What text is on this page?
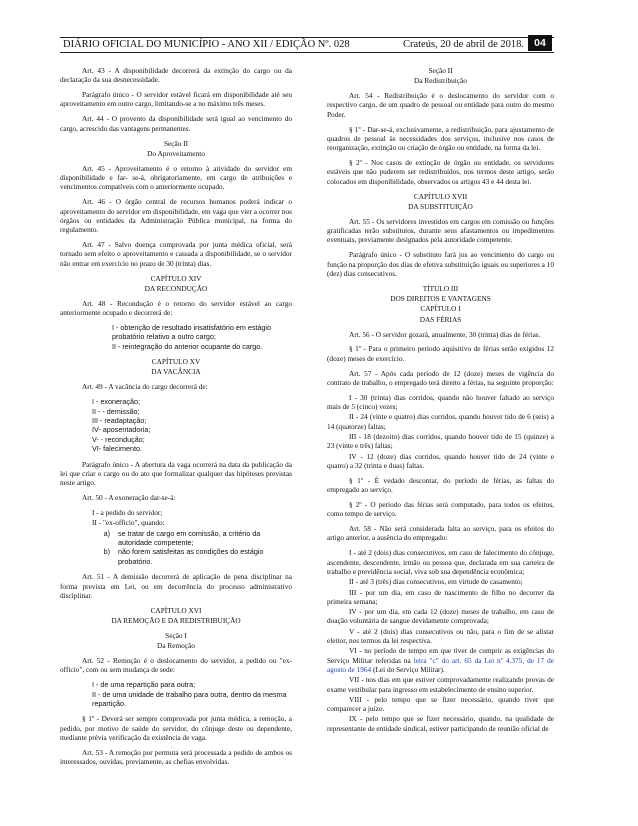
DIÁRIO OFICIAL DO MUNICÍPIO - ANO XII / EDIÇÃO Nº. 028	Crateús, 20 de abril de 2018. 04

Art. 43 - A disponibilidade decorrerá da extinção do cargo ou da declaração da sua desnecessidade.

Parágrafo único - O servidor estável ficará em disponibilidade até seu aproveitamento em outro cargo, limitando-se a no máximo três meses.

Art. 44 - O provento da disponibilidade será igual ao vencimento do cargo, acrescido das vantagens permanentes.

Seção II

Do Aproveitamento

Art. 45 - Aproveitamento é o retorno à atividade do servidor em disponibilidade e far- se-á, obrigatoriamente, em cargo de atribuições e vencimentos compatíveis com o anteriormente ocupado.

Art. 46 - O órgão central de recursos humanos poderá indicar o aproveitamento do servidor em disponibilidade, em vaga que vier a ocorrer nos órgãos ou entidades da Administração Pública municipal, na forma do regulamento.

Art. 47 - Salvo doença comprovada por junta médica oficial, será tornado sem efeito o aproveitamento e cassada a disponibilidade, se o servidor não entrar em exercício no prazo de 30 (trinta) dias.

CAPÍTULO XIV

DA RECONDUÇÃO

Art. 48 - Recondução é o retorno do servidor estável ao cargo anteriormente ocupado e decorrerá de:

I - obtenção de resultado insatisfatório em estágio probatório relativo a outro cargo;
II - reintegração do anterior ocupante do cargo.

CAPÍTULO XV

DA VACÂNCIA

Art. 49 - A vacância do cargo decorrerá de:

I - exoneração;
II - - demissão;
III - readaptação;
IV- aposentadoria;
V- - recondução;
VI- falecimento.

Parágrafo único - A abertura da vaga ocorrerá na data da publicação da lei que criar o cargo ou do ato que formalizar qualquer das hipóteses previstas neste artigo.

Art. 50 - A exoneração dar-se-á:

I - a pedido do servidor;
II - "ex-officio", quando:
a)	se tratar de cargo em comissão, a critério da autoridade competente;
b)	não forem satisfeitas as condições do estágio probatório.

Art. 51 - A demissão decorrerá de aplicação de pena disciplinar na forma prevista em Lei, ou em decorrência do processo administrativo disciplinar.

CAPÍTULO XVI

DA REMOÇÃO E DA REDISTRIBUIÇÃO

Seção I

Da Remoção

Art. 52 - Remoção é o deslocamento do servidor, a pedido ou "ex-officio", com ou sem mudança de sede:

I - de uma repartição para outra;
II - de uma unidade de trabalho para outra, dentro da mesma repartição.

§ 1º - Deverá ser sempre comprovada por junta médica, a remoção, a pedido, por motivo de saúde do servidor, do cônjuge deste ou dependente, mediante prévia verificação da existência de vaga.

Art. 53 - A remoção por permuta será processada a pedido de ambos os interessados, ouvidas, previamente, as chefias envolvidas.

Seção II

Da Redistribuição

Art. 54 - Redistribuição é o deslocamento do servidor com o respectivo cargo, de um quadro de pessoal ou entidade para outro do mesmo Poder.

§ 1º - Dar-se-á, exclusivamente, a redistribuição, para ajustamento de quadros de pessoal às necessidades dos serviços, inclusive nos casos de reorganização, extinção ou criação de órgão ou entidade, na forma da lei.

§ 2º - Nos casos de extinção de órgão ou entidade, os servidores estáveis que não puderem ser redistribuídos, nos termos deste artigo, serão colocados em disponibilidade, observados os artigos 43 e 44 desta lei.

CAPÍTULO XVII

DA SUBSTITUIÇÃO

Art. 55 - Os servidores investidos em cargos em comissão ou funções gratificadas terão substitutos, durante seus afastamentos ou impedimentos eventuais, previamente designados pela autoridade competente.

Parágrafo único - O substituto fará jus ao vencimento do cargo ou função na proporção dos dias de efetiva substituição iguais ou superiores a 10 (dez) dias consecutivos.

TÍTULO III

DOS DIREITOS E VANTAGENS

CAPÍTULO I

DAS FÉRIAS

Art. 56 - O servidor gozará, anualmente, 30 (trinta) dias de férias.

§ 1º - Para o primeiro período aquisitivo de férias serão exigidos 12 (doze) meses de exercício.

Art. 57 - Após cada período de 12 (doze) meses de vigência do contrato de trabalho, o empregado terá direito a férias, na seguinte proporção:

I - 30 (trinta) dias corridos, quando não houver faltado ao serviço mais de 5 (cinco) vezes;

II - 24 (vinte e quatro) dias corridos, quando houver tido de 6 (seis) a 14 (quatorze) faltas;

III - 18 (dezoito) dias corridos, quando houver tido de 15 (quinze) a 23 (vinte e três) faltas;

IV - 12 (doze) dias corridos, quando houver tido de 24 (vinte e quatro) a 32 (trinta e duas) faltas.

§ 1º - É vedado descontar, do período de férias, as faltas do empregado ao serviço.

§ 2º - O período das férias será computado, para todos os efeitos, como tempo de serviço.

Art. 58 - Não será considerada falta ao serviço, para os efeitos do artigo anterior, a ausência do empregado:

I - até 2 (dois) dias consecutivos, em caso de falecimento do cônjuge, ascendente, descendente, irmão ou pessoa que, declarada em sua carteira de trabalho e previdência social, viva sob sua dependência econômica;

II - até 3 (três) dias consecutivos, em virtude de casamento;

III - por um dia, em caso de nascimento de filho no decorrer da primeira semana;

IV - por um dia, em cada 12 (doze) meses de trabalho, em caso de doação voluntária de sangue devidamente comprovada;

V - até 2 (dois) dias consecutivos ou não, para o fim de se alistar eleitor, nos termos da lei respectiva.

VI - no período de tempo em que tiver de cumprir as exigências do Serviço Militar referidas na letra "c" do art. 65 da Lei nº 4.375, de 17 de agosto de 1964 (Lei do Serviço Militar).

VII - nos dias em que estiver comprovadamente realizando provas de exame vestibular para ingresso em estabelecimento de ensino superior.

VIII - pelo tempo que se fizer necessário, quando tiver que comparecer a juízo.

IX - pelo tempo que se fizer necessário, quando, na qualidade de representante de entidade sindical, estiver participando de reunião oficial de
